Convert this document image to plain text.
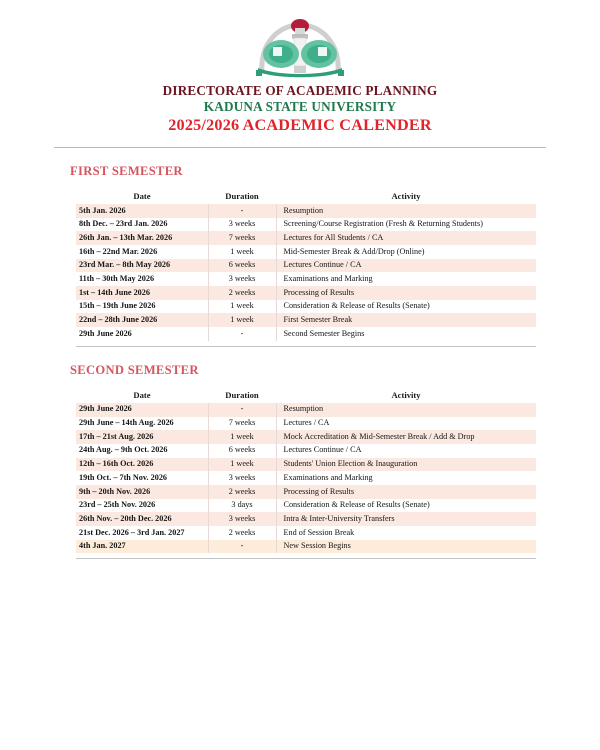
DIRECTORATE OF ACADEMIC PLANNING
KADUNA STATE UNIVERSITY
2025/2026 ACADEMIC CALENDER
FIRST SEMESTER
Date	Duration	Activity
5th Jan. 2026	-	Resumption
8th Dec. – 23rd Jan. 2026	3 weeks	Screening/Course Registration (Fresh & Returning Students)
26th Jan. – 13th Mar. 2026	7 weeks	Lectures for All Students / CA
16th – 22nd Mar. 2026	1 week	Mid-Semester Break & Add/Drop (Online)
23rd Mar. – 8th May 2026	6 weeks	Lectures Continue / CA
11th – 30th May 2026	3 weeks	Examinations and Marking
1st – 14th June 2026	2 weeks	Processing of Results
15th – 19th June 2026	1 week	Consideration & Release of Results (Senate)
22nd – 28th June 2026	1 week	First Semester Break
29th June 2026	-	Second Semester Begins
SECOND SEMESTER
Date	Duration	Activity
29th June 2026	-	Resumption
29th June – 14th Aug. 2026	7 weeks	Lectures / CA
17th – 21st Aug. 2026	1 week	Mock Accreditation & Mid-Semester Break / Add & Drop
24th Aug. – 9th Oct. 2026	6 weeks	Lectures Continue / CA
12th – 16th Oct. 2026	1 week	Students' Union Election & Inauguration
19th Oct. – 7th Nov. 2026	3 weeks	Examinations and Marking
9th – 20th Nov. 2026	2 weeks	Processing of Results
23rd – 25th Nov. 2026	3 days	Consideration & Release of Results (Senate)
26th Nov. – 20th Dec. 2026	3 weeks	Intra & Inter-University Transfers
21st Dec. 2026 – 3rd Jan. 2027	2 weeks	End of Session Break
4th Jan. 2027	-	New Session Begins
